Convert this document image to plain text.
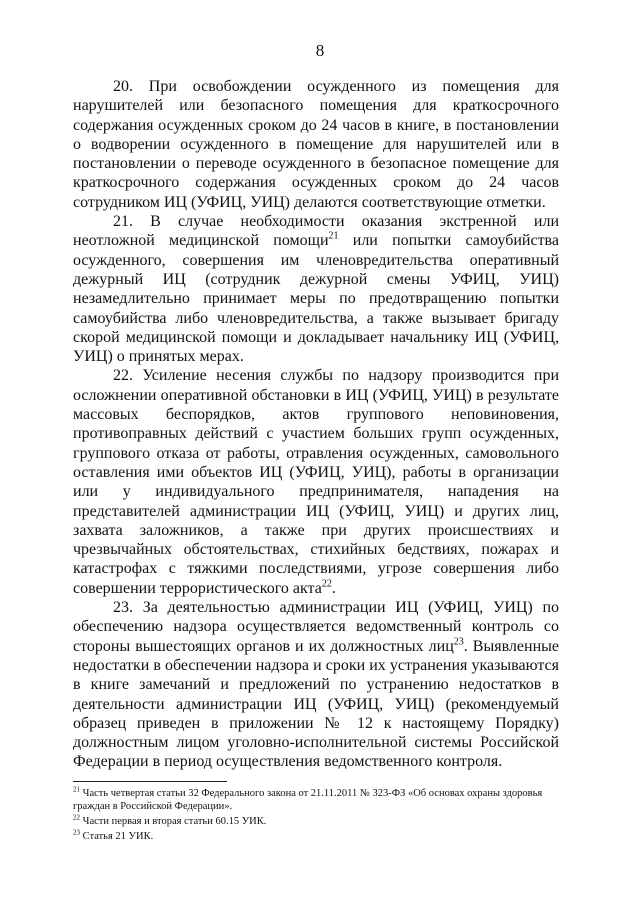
8

20. При освобождении осужденного из помещения для нарушителей или безопасного помещения для краткосрочного содержания осужденных сроком до 24 часов в книге, в постановлении о водворении осужденного в помещение для нарушителей или в постановлении о переводе осужденного в безопасное помещение для краткосрочного содержания осужденных сроком до 24 часов сотрудником ИЦ (УФИЦ, УИЦ) делаются соответствующие отметки.

21. В случае необходимости оказания экстренной или неотложной медицинской помощи$^{21}$ или попытки самоубийства осужденного, совершения им членовредительства оперативный дежурный ИЦ (сотрудник дежурной смены УФИЦ, УИЦ) незамедлительно принимает меры по предотвращению попытки самоубийства либо членовредительства, а также вызывает бригаду скорой медицинской помощи и докладывает начальнику ИЦ (УФИЦ, УИЦ) о принятых мерах.

22. Усиление несения службы по надзору производится при осложнении оперативной обстановки в ИЦ (УФИЦ, УИЦ) в результате массовых беспорядков, актов группового неповиновения, противоправных действий с участием больших групп осужденных, группового отказа от работы, отравления осужденных, самовольного оставления ими объектов ИЦ (УФИЦ, УИЦ), работы в организации или у индивидуального предпринимателя, нападения на представителей администрации ИЦ (УФИЦ, УИЦ) и других лиц, захвата заложников, а также при других происшествиях и чрезвычайных обстоятельствах, стихийных бедствиях, пожарах и катастрофах с тяжкими последствиями, угрозе совершения либо совершении террористического акта$^{22}$.

23. За деятельностью администрации ИЦ (УФИЦ, УИЦ) по обеспечению надзора осуществляется ведомственный контроль со стороны вышестоящих органов и их должностных лиц$^{23}$. Выявленные недостатки в обеспечении надзора и сроки их устранения указываются в книге замечаний и предложений по устранению недостатков в деятельности администрации ИЦ (УФИЦ, УИЦ) (рекомендуемый образец приведен в приложении № 12 к настоящему Порядку) должностным лицом уголовно-исполнительной системы Российской Федерации в период осуществления ведомственного контроля.

$^{21}$ Часть четвертая статьи 32 Федерального закона от 21.11.2011 № 323-ФЗ «Об основах охраны здоровья граждан в Российской Федерации».

$^{22}$ Части первая и вторая статьи 60.15 УИК.

$^{23}$ Статья 21 УИК.
